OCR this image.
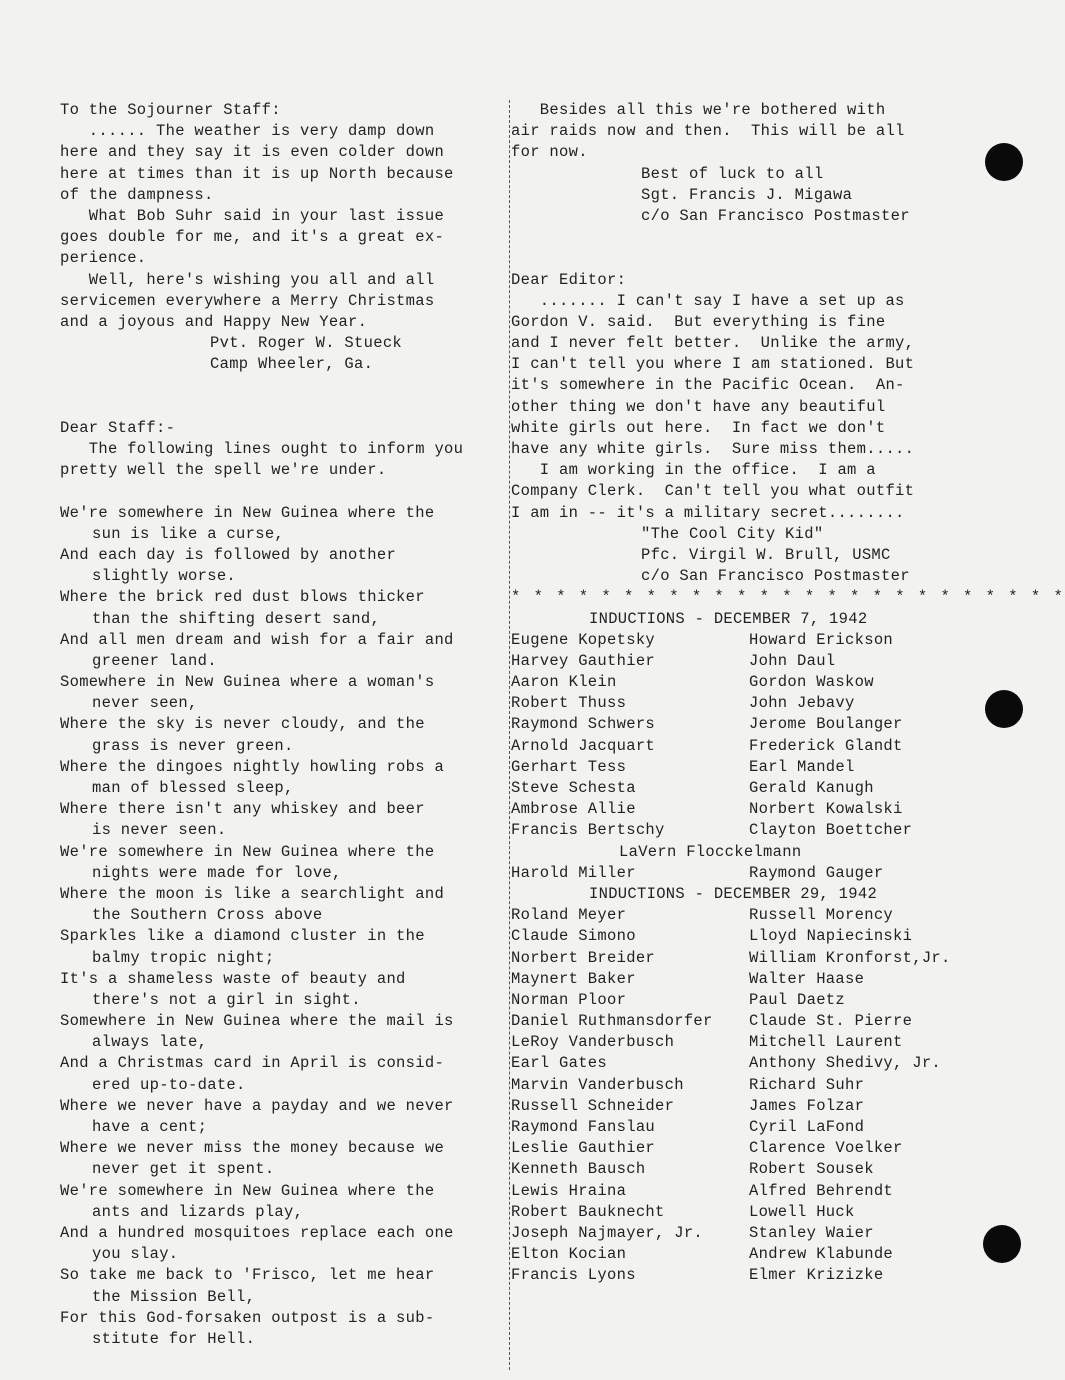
To the Sojourner Staff:
...... The weather is very damp down
here and they say it is even colder down
here at times than it is up North because
of the dampness.
What Bob Suhr said in your last issue
goes double for me, and it's a great ex-
perience.
Well, here's wishing you all and all
servicemen everywhere a Merry Christmas
and a joyous and Happy New Year.
Pvt. Roger W. Stueck
Camp Wheeler, Ga.
Dear Staff:-
The following lines ought to inform you
pretty well the spell we're under.
We're somewhere in New Guinea where the
sun is like a curse,
And each day is followed by another
slightly worse.
Where the brick red dust blows thicker
than the shifting desert sand,
And all men dream and wish for a fair and
greener land.
Somewhere in New Guinea where a woman's
never seen,
Where the sky is never cloudy, and the
grass is never green.
Where the dingoes nightly howling robs a
man of blessed sleep,
Where there isn't any whiskey and beer
is never seen.
We're somewhere in New Guinea where the
nights were made for love,
Where the moon is like a searchlight and
the Southern Cross above
Sparkles like a diamond cluster in the
balmy tropic night;
It's a shameless waste of beauty and
there's not a girl in sight.
Somewhere in New Guinea where the mail is
always late,
And a Christmas card in April is consid-
ered up-to-date.
Where we never have a payday and we never
have a cent;
Where we never miss the money because we
never get it spent.
We're somewhere in New Guinea where the
ants and lizards play,
And a hundred mosquitoes replace each one
you slay.
So take me back to 'Frisco, let me hear
the Mission Bell,
For this God-forsaken outpost is a sub-
stitute for Hell.
Besides all this we're bothered with
air raids now and then.  This will be all
for now.
Best of luck to all
Sgt. Francis J. Migawa
c/o San Francisco Postmaster
Dear Editor:
....... I can't say I have a set up as
Gordon V. said.  But everything is fine
and I never felt better.  Unlike the army,
I can't tell you where I am stationed. But
it's somewhere in the Pacific Ocean.  An-
other thing we don't have any beautiful
white girls out here.  In fact we don't
have any white girls.  Sure miss them.....
I am working in the office.  I am a
Company Clerk.  Can't tell you what outfit
I am in -- it's a military secret........
"The Cool City Kid"
Pfc. Virgil W. Brull, USMC
c/o San Francisco Postmaster
* * * * * * * * * * * * * * * * * * * * * * * * *
INDUCTIONS - DECEMBER 7, 1942
Eugene Kopetsky	Howard Erickson
Harvey Gauthier	John Daul
Aaron Klein	Gordon Waskow
Robert Thuss	John Jebavy
Raymond Schwers	Jerome Boulanger
Arnold Jacquart	Frederick Glandt
Gerhart Tess	Earl Mandel
Steve Schesta	Gerald Kanugh
Ambrose Allie	Norbert Kowalski
Francis Bertschy	Clayton Boettcher
LaVern Flocckelmann
Harold Miller	Raymond Gauger
INDUCTIONS - DECEMBER 29, 1942
Roland Meyer	Russell Morency
Claude Simono	Lloyd Napiecinski
Norbert Breider	William Kronforst,Jr.
Maynert Baker	Walter Haase
Norman Ploor	Paul Daetz
Daniel Ruthmansdorfer	Claude St. Pierre
LeRoy Vanderbusch	Mitchell Laurent
Earl Gates	Anthony Shedivy, Jr.
Marvin Vanderbusch	Richard Suhr
Russell Schneider	James Folzar
Raymond Fanslau	Cyril LaFond
Leslie Gauthier	Clarence Voelker
Kenneth Bausch	Robert Sousek
Lewis Hraina	Alfred Behrendt
Robert Bauknecht	Lowell Huck
Joseph Najmayer, Jr.	Stanley Waier
Elton Kocian	Andrew Klabunde
Francis Lyons	Elmer Krizizke
